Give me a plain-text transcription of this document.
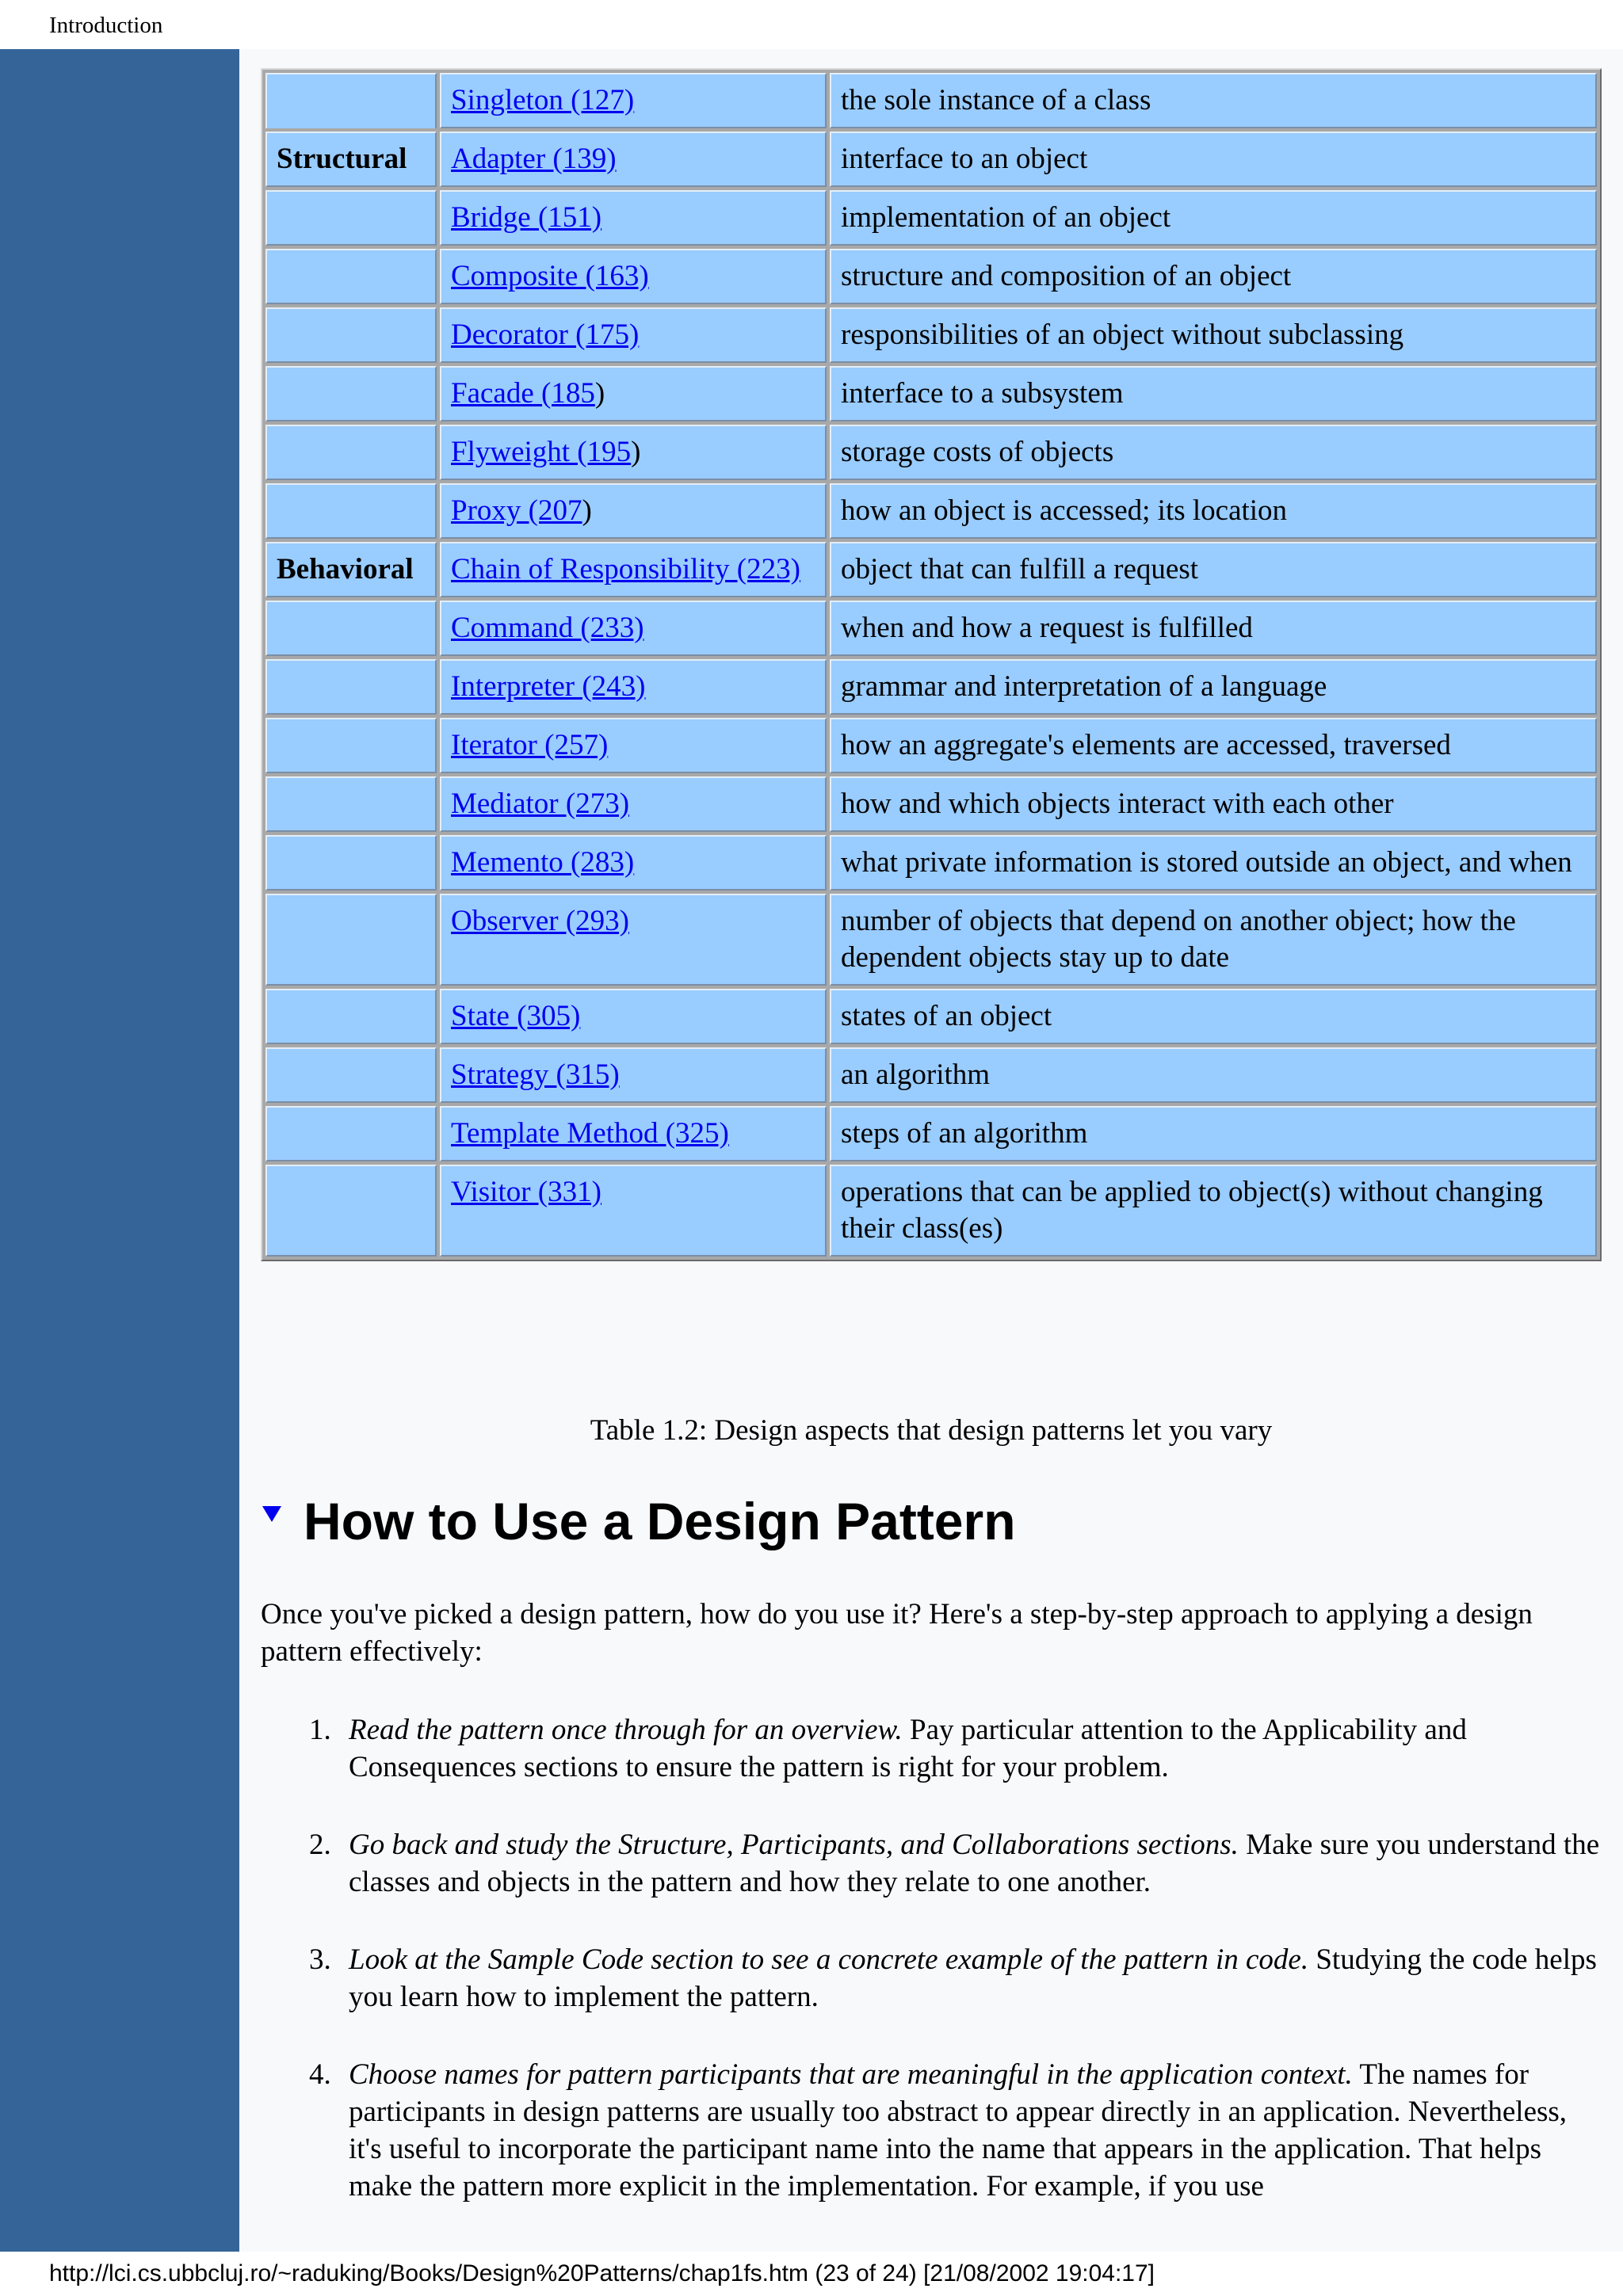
Introduction
	Singleton (127)	the sole instance of a class
Structural	Adapter (139)	interface to an object
	Bridge (151)	implementation of an object
	Composite (163)	structure and composition of an object
	Decorator (175)	responsibilities of an object without subclassing
	Facade (185)	interface to a subsystem
	Flyweight (195)	storage costs of objects
	Proxy (207)	how an object is accessed; its location
Behavioral	Chain of Responsibility (223)	object that can fulfill a request
	Command (233)	when and how a request is fulfilled
	Interpreter (243)	grammar and interpretation of a language
	Iterator (257)	how an aggregate's elements are accessed, traversed
	Mediator (273)	how and which objects interact with each other
	Memento (283)	what private information is stored outside an object, and when
	Observer (293)	number of objects that depend on another object; how the dependent objects stay up to date
	State (305)	states of an object
	Strategy (315)	an algorithm
	Template Method (325)	steps of an algorithm
	Visitor (331)	operations that can be applied to object(s) without changing their class(es)
Table 1.2: Design aspects that design patterns let you vary
How to Use a Design Pattern

Once you've picked a design pattern, how do you use it? Here's a step-by-step approach to applying a design pattern effectively:

1. Read the pattern once through for an overview. Pay particular attention to the Applicability and Consequences sections to ensure the pattern is right for your problem.
2. Go back and study the Structure, Participants, and Collaborations sections. Make sure you understand the classes and objects in the pattern and how they relate to one another.
3. Look at the Sample Code section to see a concrete example of the pattern in code. Studying the code helps you learn how to implement the pattern.
4. Choose names for pattern participants that are meaningful in the application context. The names for participants in design patterns are usually too abstract to appear directly in an application. Nevertheless, it's useful to incorporate the participant name into the name that appears in the application. That helps make the pattern more explicit in the implementation. For example, if you use
http://lci.cs.ubbcluj.ro/~raduking/Books/Design%20Patterns/chap1fs.htm (23 of 24) [21/08/2002 19:04:17]
